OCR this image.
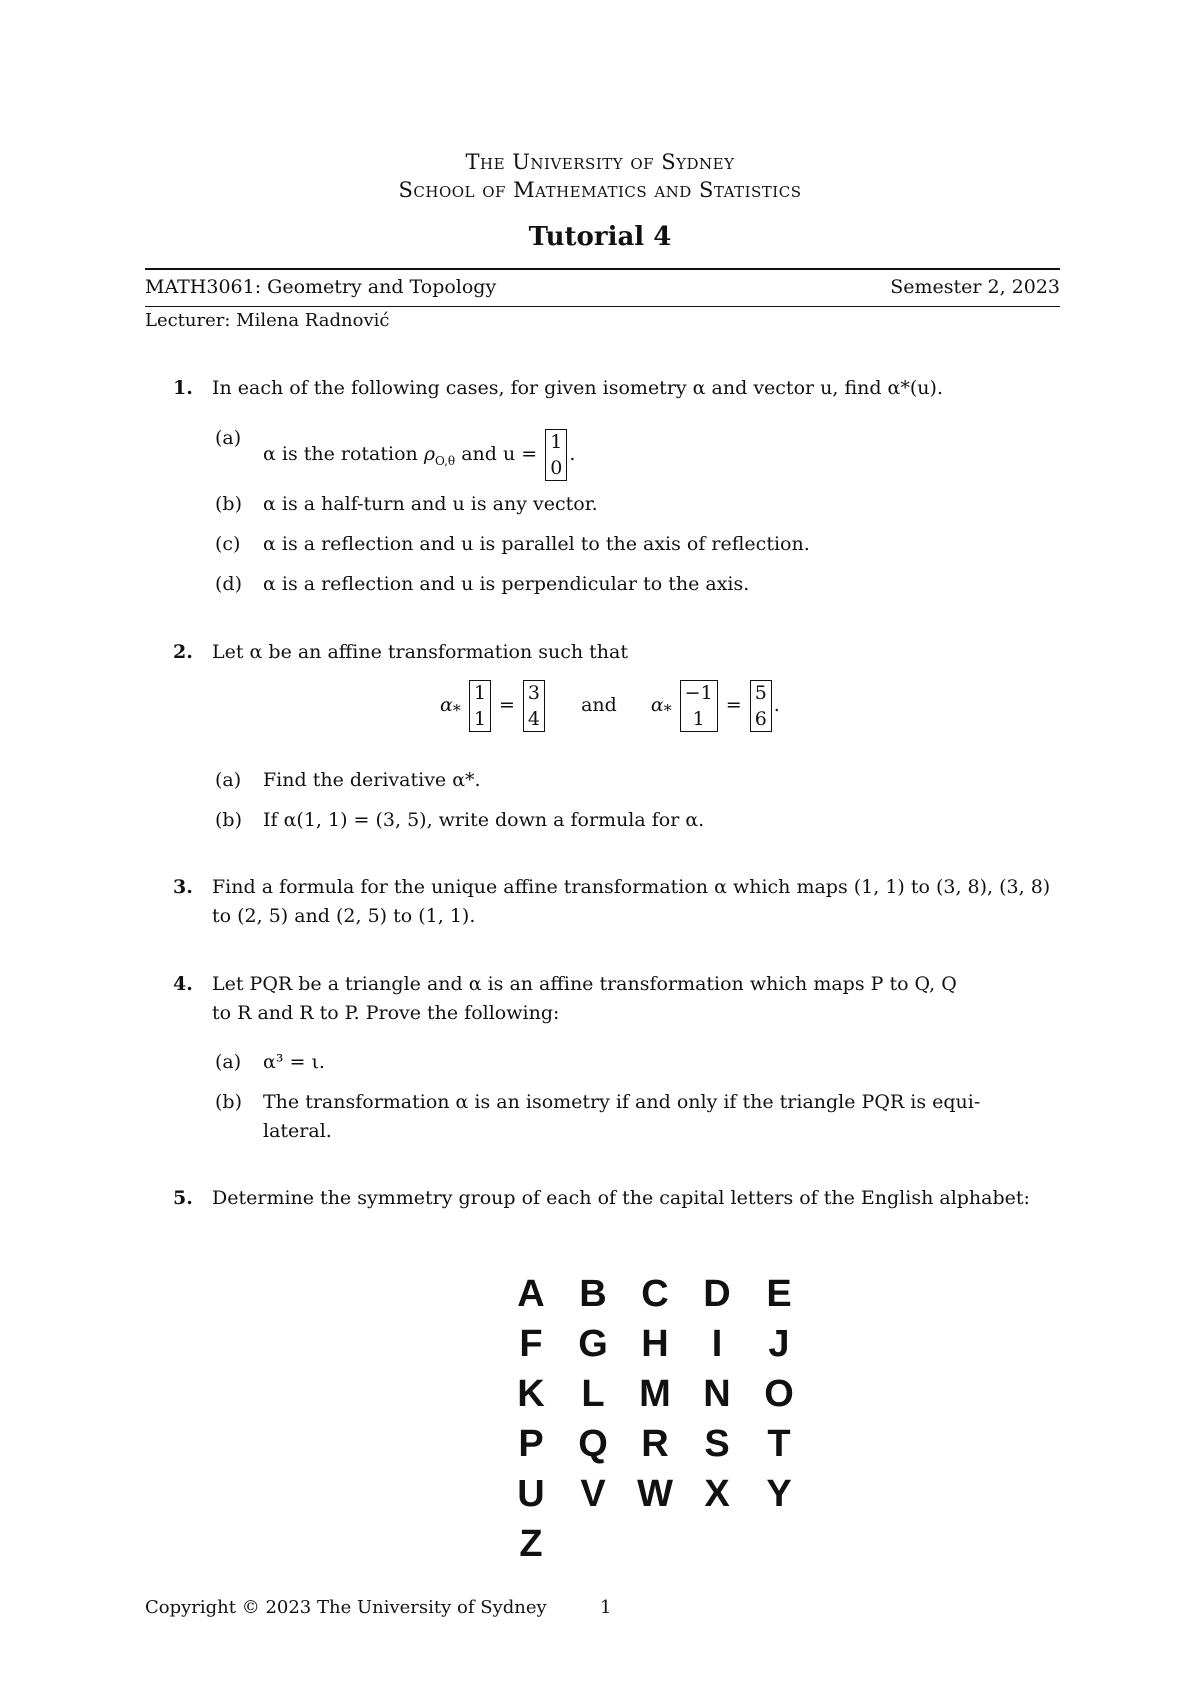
The University of Sydney
School of Mathematics and Statistics
Tutorial 4
MATH3061: Geometry and Topology	Semester 2, 2023
Lecturer: Milena Radnović
1. In each of the following cases, for given isometry α and vector u, find α*(u).
(a)
α is the rotation $\rho_{O,\theta}$ and u =
1
0
.
(b)	α is a half-turn and u is any vector.
(c)	α is a reflection and u is parallel to the axis of reflection.
(d)	α is a reflection and u is perpendicular to the axis.
2. Let α be an affine transformation such that
$\alpha_*$
1
1
=
3
4
and $\alpha_*$
−1
1
=
5
6
.
(a)	Find the derivative α*.
(b)	If α(1, 1) = (3, 5), write down a formula for α.
3. Find a formula for the unique affine transformation α which maps (1, 1) to (3, 8), (3, 8)
to (2, 5) and (2, 5) to (1, 1).
4. Let PQR be a triangle and α is an affine transformation which maps P to Q, Q
to R and R to P. Prove the following:
(a)	α³ = ι.
(b)	The transformation α is an isometry if and only if the triangle PQR is equi-
lateral.
5. Determine the symmetry group of each of the capital letters of the English alphabet:
A B C D E
F G H	I	J
K L M N O
P Q R S T
U V W X Y
Z
Copyright © 2023 The University of Sydney	1
